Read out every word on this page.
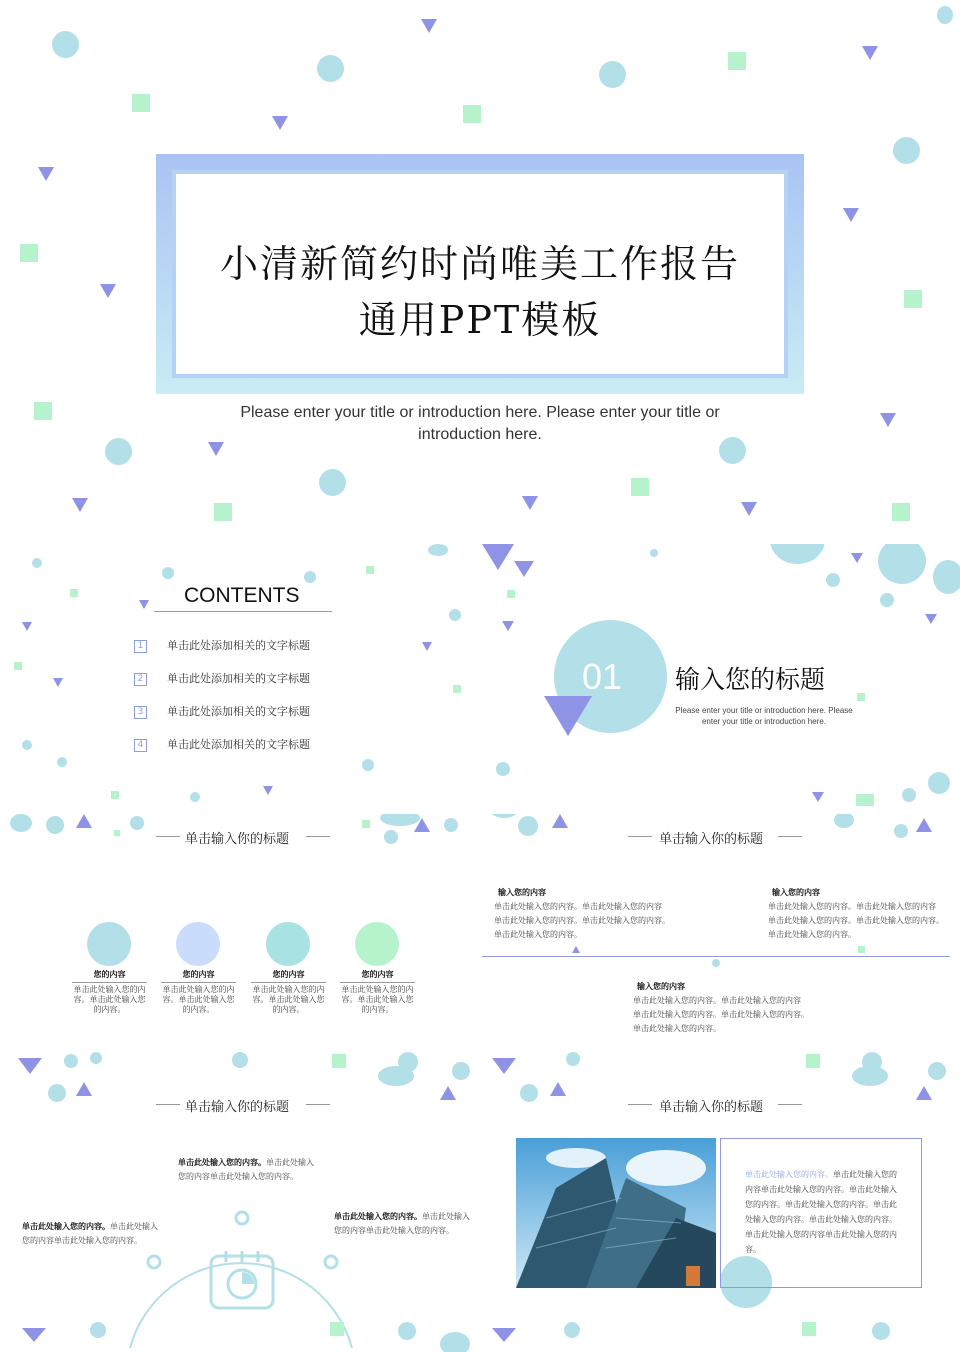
小清新简约时尚唯美工作报告
通用PPT模板
Please enter your title or introduction here. Please enter your title or introduction here.
CONTENTS
1 单击此处添加相关的文字标题
2 单击此处添加相关的文字标题
3 单击此处添加相关的文字标题
4 单击此处添加相关的文字标题
01 输入您的标题
Please enter your title or introduction here. Please enter your title or introduction here.
单击输入你的标题
您的内容
单击此处输入您的内容。单击此处输入您的内容。
您的内容
单击此处输入您的内容。单击此处输入您的内容。
您的内容
单击此处输入您的内容。单击此处输入您的内容。
您的内容
单击此处输入您的内容。单击此处输入您的内容。
单击输入你的标题
输入您的内容
单击此处输入您的内容。单击此处输入您的内容
单击此处输入您的内容。单击此处输入您的内容。
单击此处输入您的内容。
输入您的内容
单击此处输入您的内容。单击此处输入您的内容
单击此处输入您的内容。单击此处输入您的内容。
单击此处输入您的内容。
输入您的内容
单击此处输入您的内容。单击此处输入您的内容
单击此处输入您的内容。单击此处输入您的内容。
单击此处输入您的内容。
单击输入你的标题
单击此处输入您的内容。单击此处输入您的内容单击此处输入您的内容。
单击此处输入您的内容。单击此处输入您的内容单击此处输入您的内容。
单击此处输入您的内容。单击此处输入您的内容单击此处输入您的内容。
单击输入你的标题
单击此处输入您的内容。单击此处输入您的内容单击此处输入您的内容。单击此处输入您的内容。单击此处输入您的内容。单击此处输入您的内容。单击此处输入您的内容。单击此处输入您的内容单击此处输入您的内容。
